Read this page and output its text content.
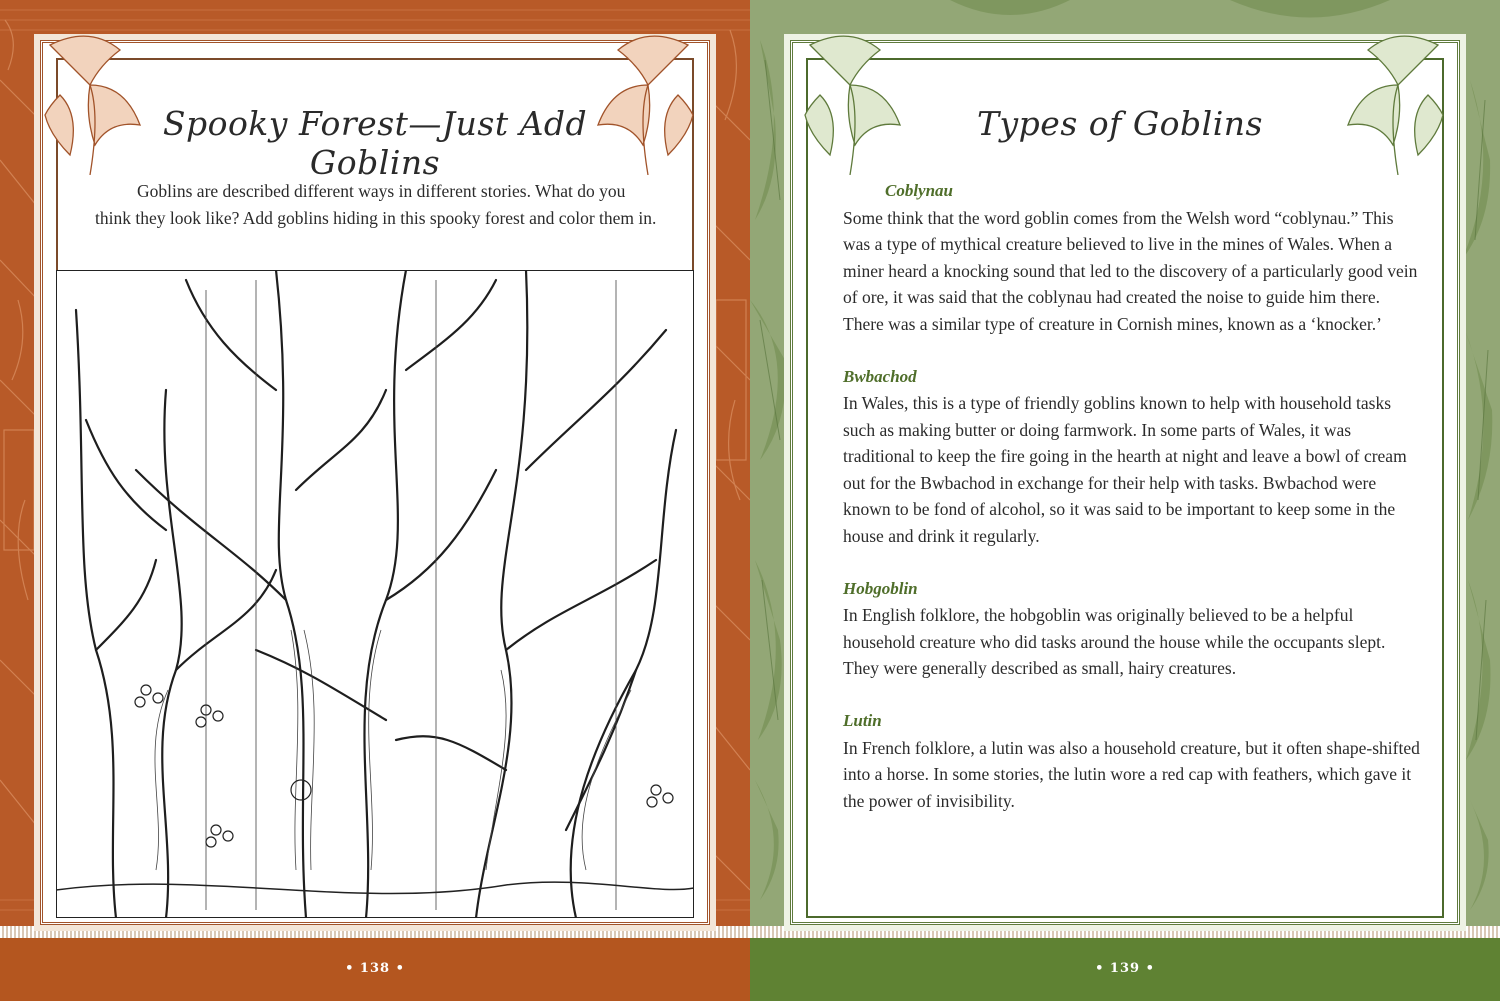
• 138 •	• 139 •
Spooky Forest—Just Add Goblins
Goblins are described different ways in different stories. What do you think they look like? Add goblins hiding in this spooky forest and color them in.
Types of Goblins
Coblynau

Some think that the word goblin comes from the Welsh word “coblynau.” This was a type of mythical creature believed to live in the mines of Wales. When a miner heard a knocking sound that led to the discovery of a particularly good vein of ore, it was said that the coblynau had created the noise to guide him there. There was a similar type of creature in Cornish mines, known as a ‘knocker.’

Bwbachod

In Wales, this is a type of friendly goblins known to help with household tasks such as making butter or doing farmwork. In some parts of Wales, it was traditional to keep the fire going in the hearth at night and leave a bowl of cream out for the Bwbachod in exchange for their help with tasks. Bwbachod were known to be fond of alcohol, so it was said to be important to keep some in the house and drink it regularly.

Hobgoblin

In English folklore, the hobgoblin was originally believed to be a helpful household creature who did tasks around the house while the occupants slept. They were generally described as small, hairy creatures.

Lutin

In French folklore, a lutin was also a household creature, but it often shape-shifted into a horse. In some stories, the lutin wore a red cap with feathers, which gave it the power of invisibility.
